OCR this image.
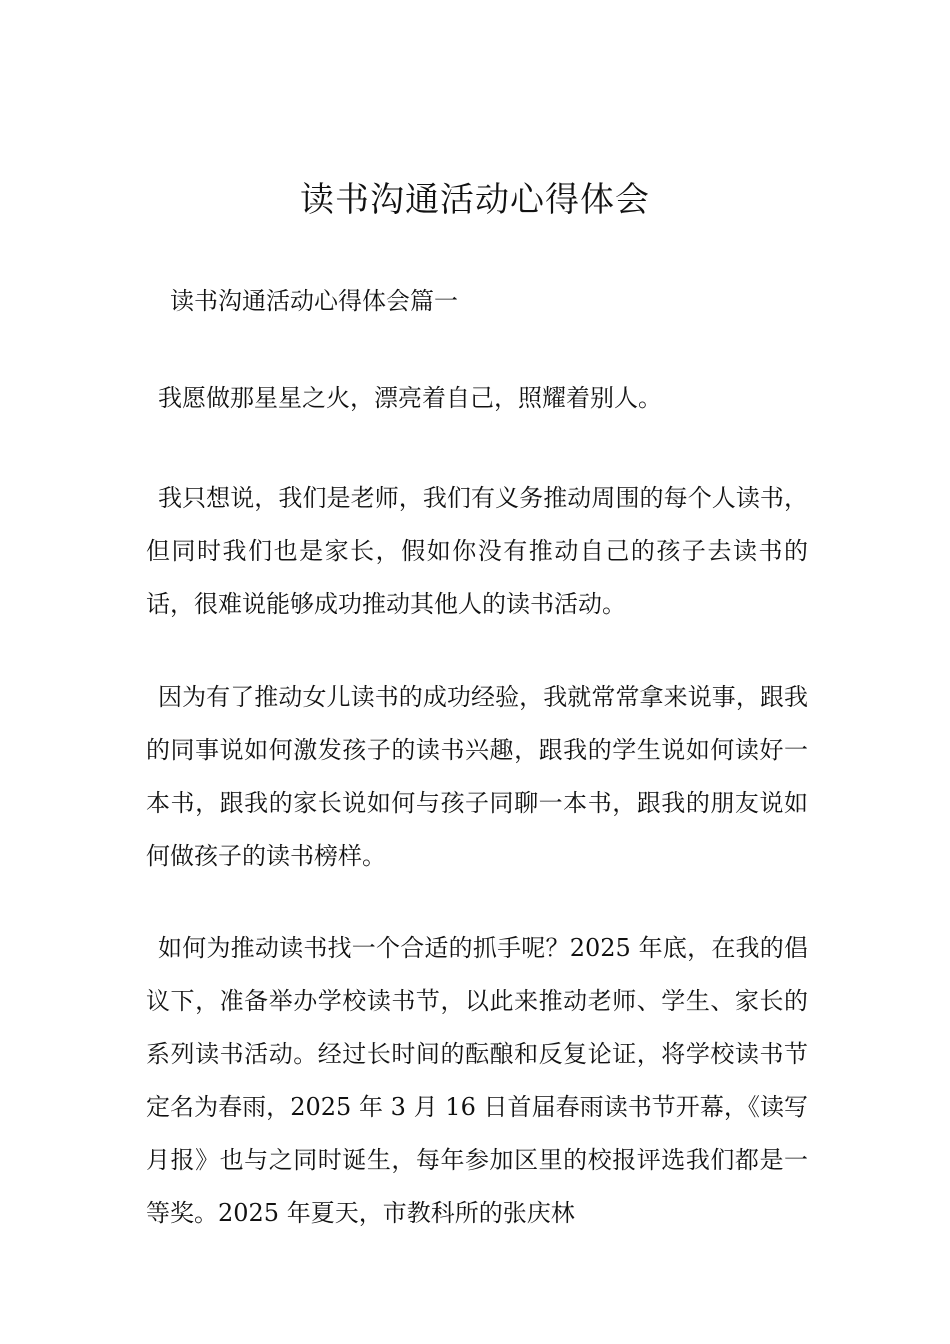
读书沟通活动心得体会

读书沟通活动心得体会篇一

我愿做那星星之火，漂亮着自己，照耀着别人。

我只想说，我们是老师，我们有义务推动周围的每个人读书，但同时我们也是家长，假如你没有推动自己的孩子去读书的话，很难说能够成功推动其他人的读书活动。

因为有了推动女儿读书的成功经验，我就常常拿来说事，跟我的同事说如何激发孩子的读书兴趣，跟我的学生说如何读好一本书，跟我的家长说如何与孩子同聊一本书，跟我的朋友说如何做孩子的读书榜样。

如何为推动读书找一个合适的抓手呢？2025 年底，在我的倡议下，准备举办学校读书节，以此来推动老师、学生、家长的系列读书活动。经过长时间的酝酿和反复论证，将学校读书节定名为春雨，2025 年 3 月 16 日首届春雨读书节开幕，《读写月报》也与之同时诞生，每年参加区里的校报评选我们都是一等奖。2025 年夏天，市教科所的张庆林
